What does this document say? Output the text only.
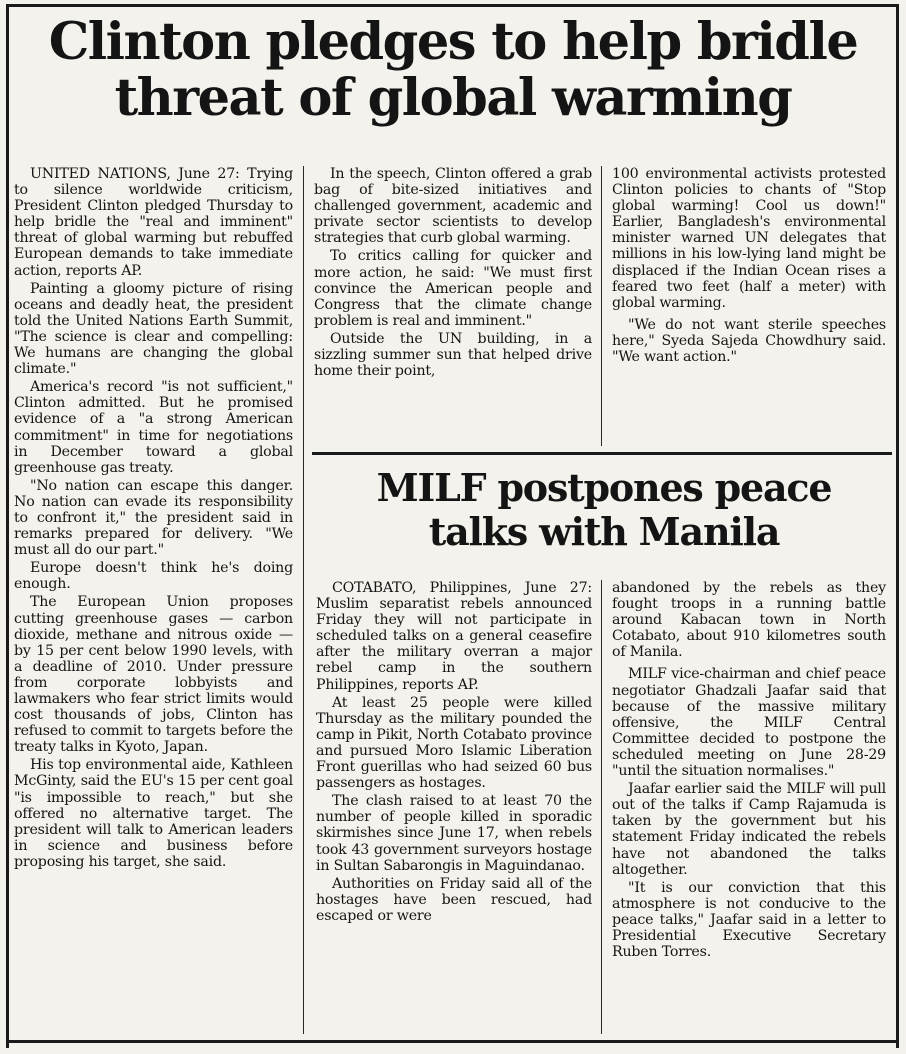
Clinton pledges to help bridle
threat of global warming

UNITED NATIONS, June 27: Trying to silence worldwide criticism, President Clinton pledged Thursday to help bridle the "real and imminent" threat of global warming but rebuffed European demands to take immediate action, reports AP.

Painting a gloomy picture of rising oceans and deadly heat, the president told the United Nations Earth Summit, "The science is clear and compelling: We humans are changing the global climate."

America's record "is not sufficient," Clinton admitted. But he promised evidence of a "a strong American commitment" in time for negotiations in December toward a global greenhouse gas treaty.

"No nation can escape this danger. No nation can evade its responsibility to confront it," the president said in remarks prepared for delivery. "We must all do our part."

Europe doesn't think he's doing enough.

The European Union proposes cutting greenhouse gases — carbon dioxide, methane and nitrous oxide — by 15 per cent below 1990 levels, with a deadline of 2010. Under pressure from corporate lobbyists and lawmakers who fear strict limits would cost thousands of jobs, Clinton has refused to commit to targets before the treaty talks in Kyoto, Japan.

His top environmental aide, Kathleen McGinty, said the EU's 15 per cent goal "is impossible to reach," but she offered no alternative target. The president will talk to American leaders in science and business before proposing his target, she said.

In the speech, Clinton offered a grab bag of bite-sized initiatives and challenged government, academic and private sector scientists to develop strategies that curb global warming.

To critics calling for quicker and more action, he said: "We must first convince the American people and Congress that the climate change problem is real and imminent."

Outside the UN building, in a sizzling summer sun that helped drive home their point,

100 environmental activists protested Clinton policies to chants of "Stop global warming! Cool us down!" Earlier, Bangladesh's environmental minister warned UN delegates that millions in his low-lying land might be displaced if the Indian Ocean rises a feared two feet (half a meter) with global warming.

"We do not want sterile speeches here," Syeda Sajeda Chowdhury said. "We want action."

MILF postpones peace
talks with Manila

COTABATO, Philippines, June 27: Muslim separatist rebels announced Friday they will not participate in scheduled talks on a general ceasefire after the military overran a major rebel camp in the southern Philippines, reports AP.

At least 25 people were killed Thursday as the military pounded the camp in Pikit, North Cotabato province and pursued Moro Islamic Liberation Front guerillas who had seized 60 bus passengers as hostages.

The clash raised to at least 70 the number of people killed in sporadic skirmishes since June 17, when rebels took 43 government surveyors hostage in Sultan Sabarongis in Maguindanao.

Authorities on Friday said all of the hostages have been rescued, had escaped or were

abandoned by the rebels as they fought troops in a running battle around Kabacan town in North Cotabato, about 910 kilometres south of Manila.

MILF vice-chairman and chief peace negotiator Ghadzali Jaafar said that because of the massive military offensive, the MILF Central Committee decided to postpone the scheduled meeting on June 28-29 "until the situation normalises."

Jaafar earlier said the MILF will pull out of the talks if Camp Rajamuda is taken by the government but his statement Friday indicated the rebels have not abandoned the talks altogether.

"It is our conviction that this atmosphere is not conducive to the peace talks," Jaafar said in a letter to Presidential Executive Secretary Ruben Torres.
